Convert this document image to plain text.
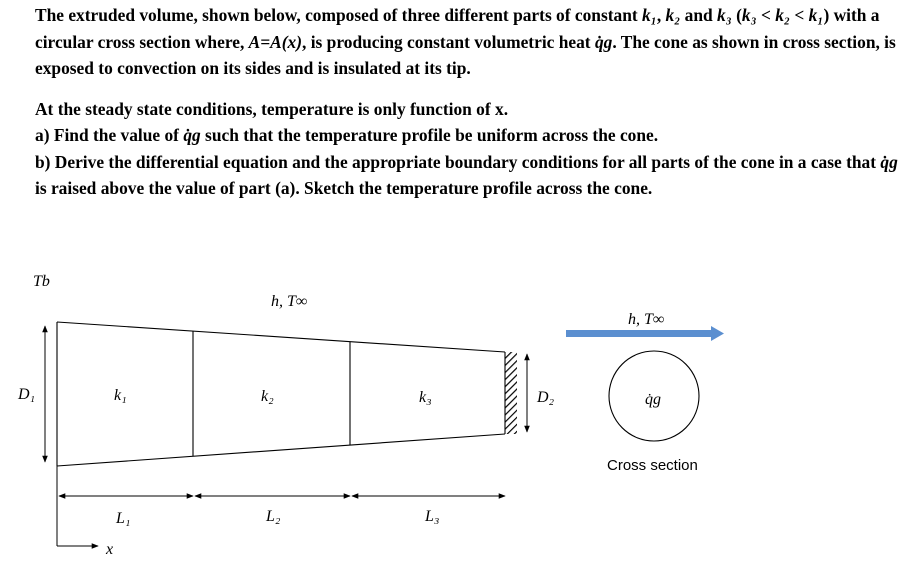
The extruded volume, shown below, composed of three different parts of constant k₁, k₂ and k₃ (k₃ < k₂ < k₁) with a circular cross section where, A=A(x), is producing constant volumetric heat q̇g. The cone as shown in cross section, is exposed to convection on its sides and is insulated at its tip.

At the steady state conditions, temperature is only function of x.

a) Find the value of q̇g such that the temperature profile be uniform across the cone.

b) Derive the differential equation and the appropriate boundary conditions for all parts of the cone in a case that q̇g is raised above the value of part (a). Sketch the temperature profile across the cone.

Tb
h, T∞
D₁	k₁	k₂	k₃	D₂
L₁	L₂	L₃
x
h, T∞
q̇g
Cross section
